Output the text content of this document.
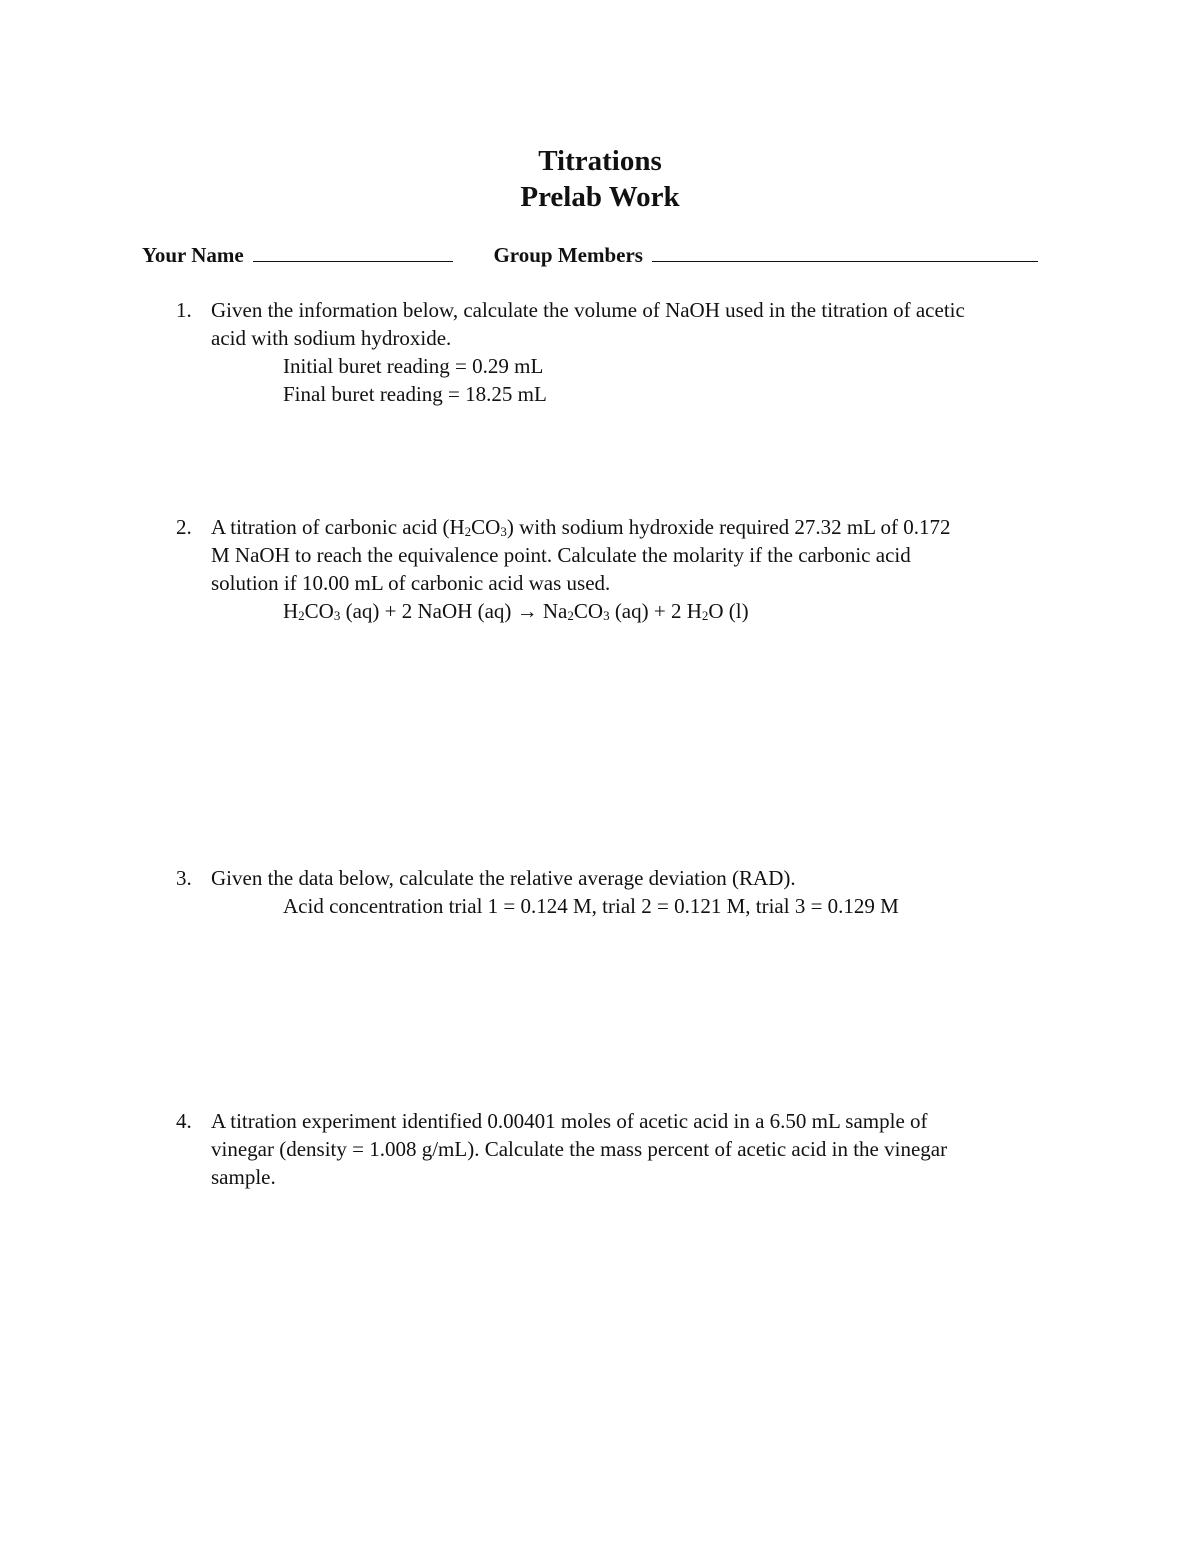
Titrations
Prelab Work
Your Name	Group Members
1. Given the information below, calculate the volume of NaOH used in the titration of acetic
acid with sodium hydroxide.
Initial buret reading = 0.29 mL
Final buret reading = 18.25 mL
2. A titration of carbonic acid $(H_2CO_3)$ with sodium hydroxide required 27.32 mL of 0.172
M NaOH to reach the equivalence point. Calculate the molarity if the carbonic acid
solution if 10.00 mL of carbonic acid was used.
$H_2CO_3$ (aq) + 2 NaOH $(aq) \to Na_2CO_3$ (aq) + 2 $H_2O$ (l)
3. Given the data below, calculate the relative average deviation (RAD).
Acid concentration trial 1 = 0.124 M, trial 2 = 0.121 M, trial 3 = 0.129 M
4. A titration experiment identified 0.00401 moles of acetic acid in a 6.50 mL sample of
vinegar (density = 1.008 g/mL). Calculate the mass percent of acetic acid in the vinegar
sample.
